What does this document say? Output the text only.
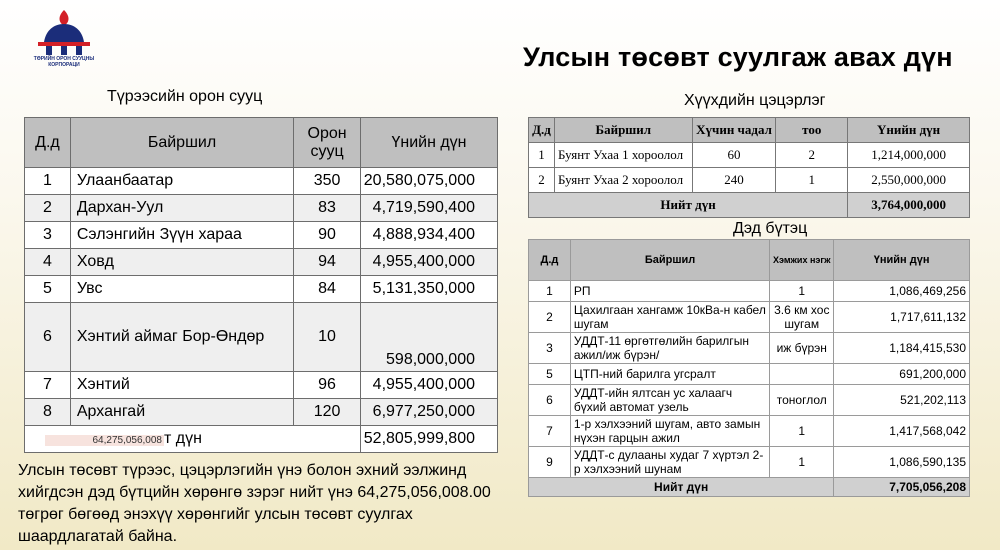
ТӨРИЙН ОРОН СУУЦНЫ КОРПОРАЦИ	Улсын төсөвт суулгаж авах дүн
Түрээсийн орон сууц	Хүүхдийн цэцэрлэг
Дэд бүтэц
Д.д	Байршил	Орон сууц	Үнийн дүн
1	Улаанбаатар	350	20,580,075,000
2	Дархан-Уул	83	4,719,590,400
3	Сэлэнгийн Зүүн хараа	90	4,888,934,400
4	Ховд	94	4,955,400,000
5	Увс	84	5,131,350,000
6	Хэнтий аймаг Бор-Өндөр	10	598,000,000
7	Хэнтий	96	4,955,400,000
8	Архангай	120	6,977,250,000
64,275,056,008 т дүн			52,805,999,800
Д.д	Байршил	Хүчин чадал	тоо	Үнийн дүн
1	Буянт Ухаа 1 хороолол	60	2	1,214,000,000
2	Буянт Ухаа 2 хороолол	240	1	2,550,000,000
Нийт дүн				3,764,000,000
Д.д	Байршил	Хэмжих нэгж	Үнийн дүн
1	РП	1	1,086,469,256
2	Цахилгаан хангамж 10кВа-н кабел шугам	3.6 км хос шугам	1,717,611,132
3	УДДТ-11 өргөтгөлийн барилгын ажил/иж бүрэн/	иж бүрэн	1,184,415,530
5	ЦТП-ний барилга угсралт		691,200,000
6	УДДТ-ийн ялтсан ус халаагч бүхий автомат узель	тоноглол	521,202,113
7	1-р хэлхээний шугам, авто замын нүхэн гарцын ажил	1	1,417,568,042
9	УДДТ-с дулааны худаг 7 хүртэл 2-р хэлхээний шунам	1	1,086,590,135
Нийт дүн			7,705,056,208
Улсын төсөвт түрээс, цэцэрлэгийн үнэ болон эхний ээлжинд хийгдсэн дэд бүтцийн хөрөнгө зэрэг нийт үнэ 64,275,056,008.00 төгрөг бөгөөд энэхүү хөрөнгийг улсын төсөвт суулгах шаардлагатай байна.
